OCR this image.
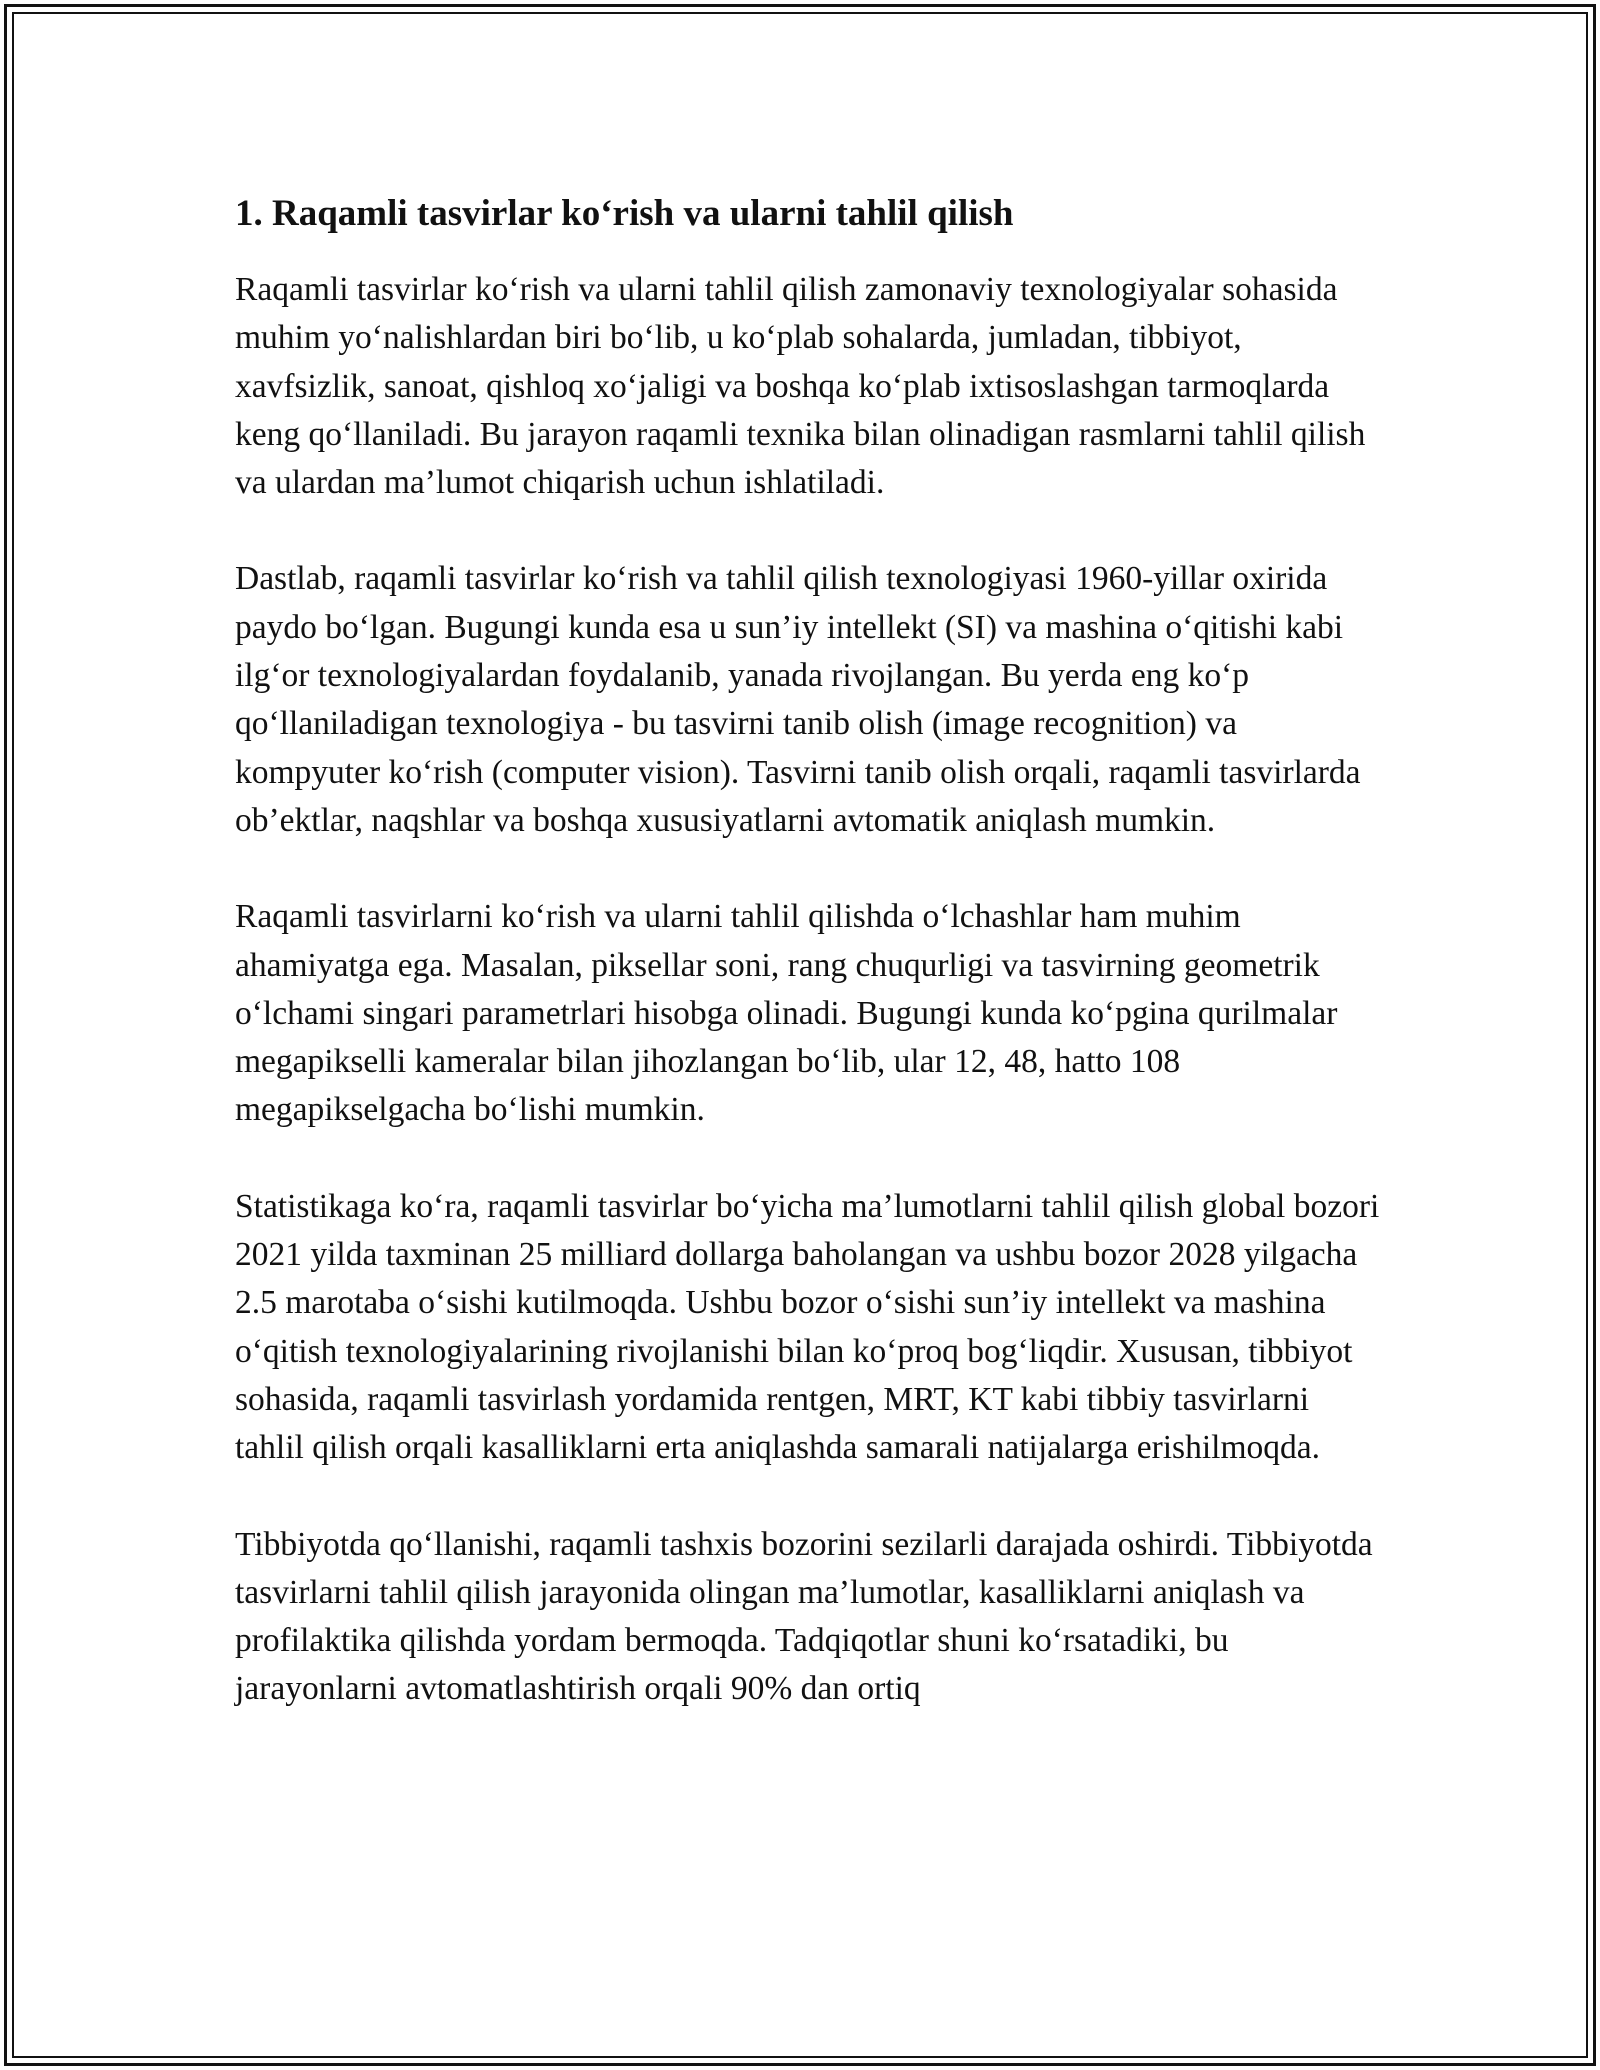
1. Raqamli tasvirlar ko‘rish va ularni tahlil qilish

Raqamli tasvirlar ko‘rish va ularni tahlil qilish zamonaviy texnologiyalar sohasida muhim yo‘nalishlardan biri bo‘lib, u ko‘plab sohalarda, jumladan, tibbiyot, xavfsizlik, sanoat, qishloq xo‘jaligi va boshqa ko‘plab ixtisoslashgan tarmoqlarda keng qo‘llaniladi. Bu jarayon raqamli texnika bilan olinadigan rasmlarni tahlil qilish va ulardan ma’lumot chiqarish uchun ishlatiladi.

Dastlab, raqamli tasvirlar ko‘rish va tahlil qilish texnologiyasi 1960-yillar oxirida paydo bo‘lgan. Bugungi kunda esa u sun’iy intellekt (SI) va mashina o‘qitishi kabi ilg‘or texnologiyalardan foydalanib, yanada rivojlangan. Bu yerda eng ko‘p qo‘llaniladigan texnologiya - bu tasvirni tanib olish (image recognition) va kompyuter ko‘rish (computer vision). Tasvirni tanib olish orqali, raqamli tasvirlarda ob’ektlar, naqshlar va boshqa xususiyatlarni avtomatik aniqlash mumkin.

Raqamli tasvirlarni ko‘rish va ularni tahlil qilishda o‘lchashlar ham muhim ahamiyatga ega. Masalan, piksellar soni, rang chuqurligi va tasvirning geometrik o‘lchami singari parametrlari hisobga olinadi. Bugungi kunda ko‘pgina qurilmalar megapikselli kameralar bilan jihozlangan bo‘lib, ular 12, 48, hatto 108 megapikselgacha bo‘lishi mumkin.

Statistikaga ko‘ra, raqamli tasvirlar bo‘yicha ma’lumotlarni tahlil qilish global bozori 2021 yilda taxminan 25 milliard dollarga baholangan va ushbu bozor 2028 yilgacha 2.5 marotaba o‘sishi kutilmoqda. Ushbu bozor o‘sishi sun’iy intellekt va mashina o‘qitish texnologiyalarining rivojlanishi bilan ko‘proq bog‘liqdir. Xususan, tibbiyot sohasida, raqamli tasvirlash yordamida rentgen, MRT, KT kabi tibbiy tasvirlarni tahlil qilish orqali kasalliklarni erta aniqlashda samarali natijalarga erishilmoqda.

Tibbiyotda qo‘llanishi, raqamli tashxis bozorini sezilarli darajada oshirdi. Tibbiyotda tasvirlarni tahlil qilish jarayonida olingan ma’lumotlar, kasalliklarni aniqlash va profilaktika qilishda yordam bermoqda. Tadqiqotlar shuni ko‘rsatadiki, bu jarayonlarni avtomatlashtirish orqali 90% dan ortiq
